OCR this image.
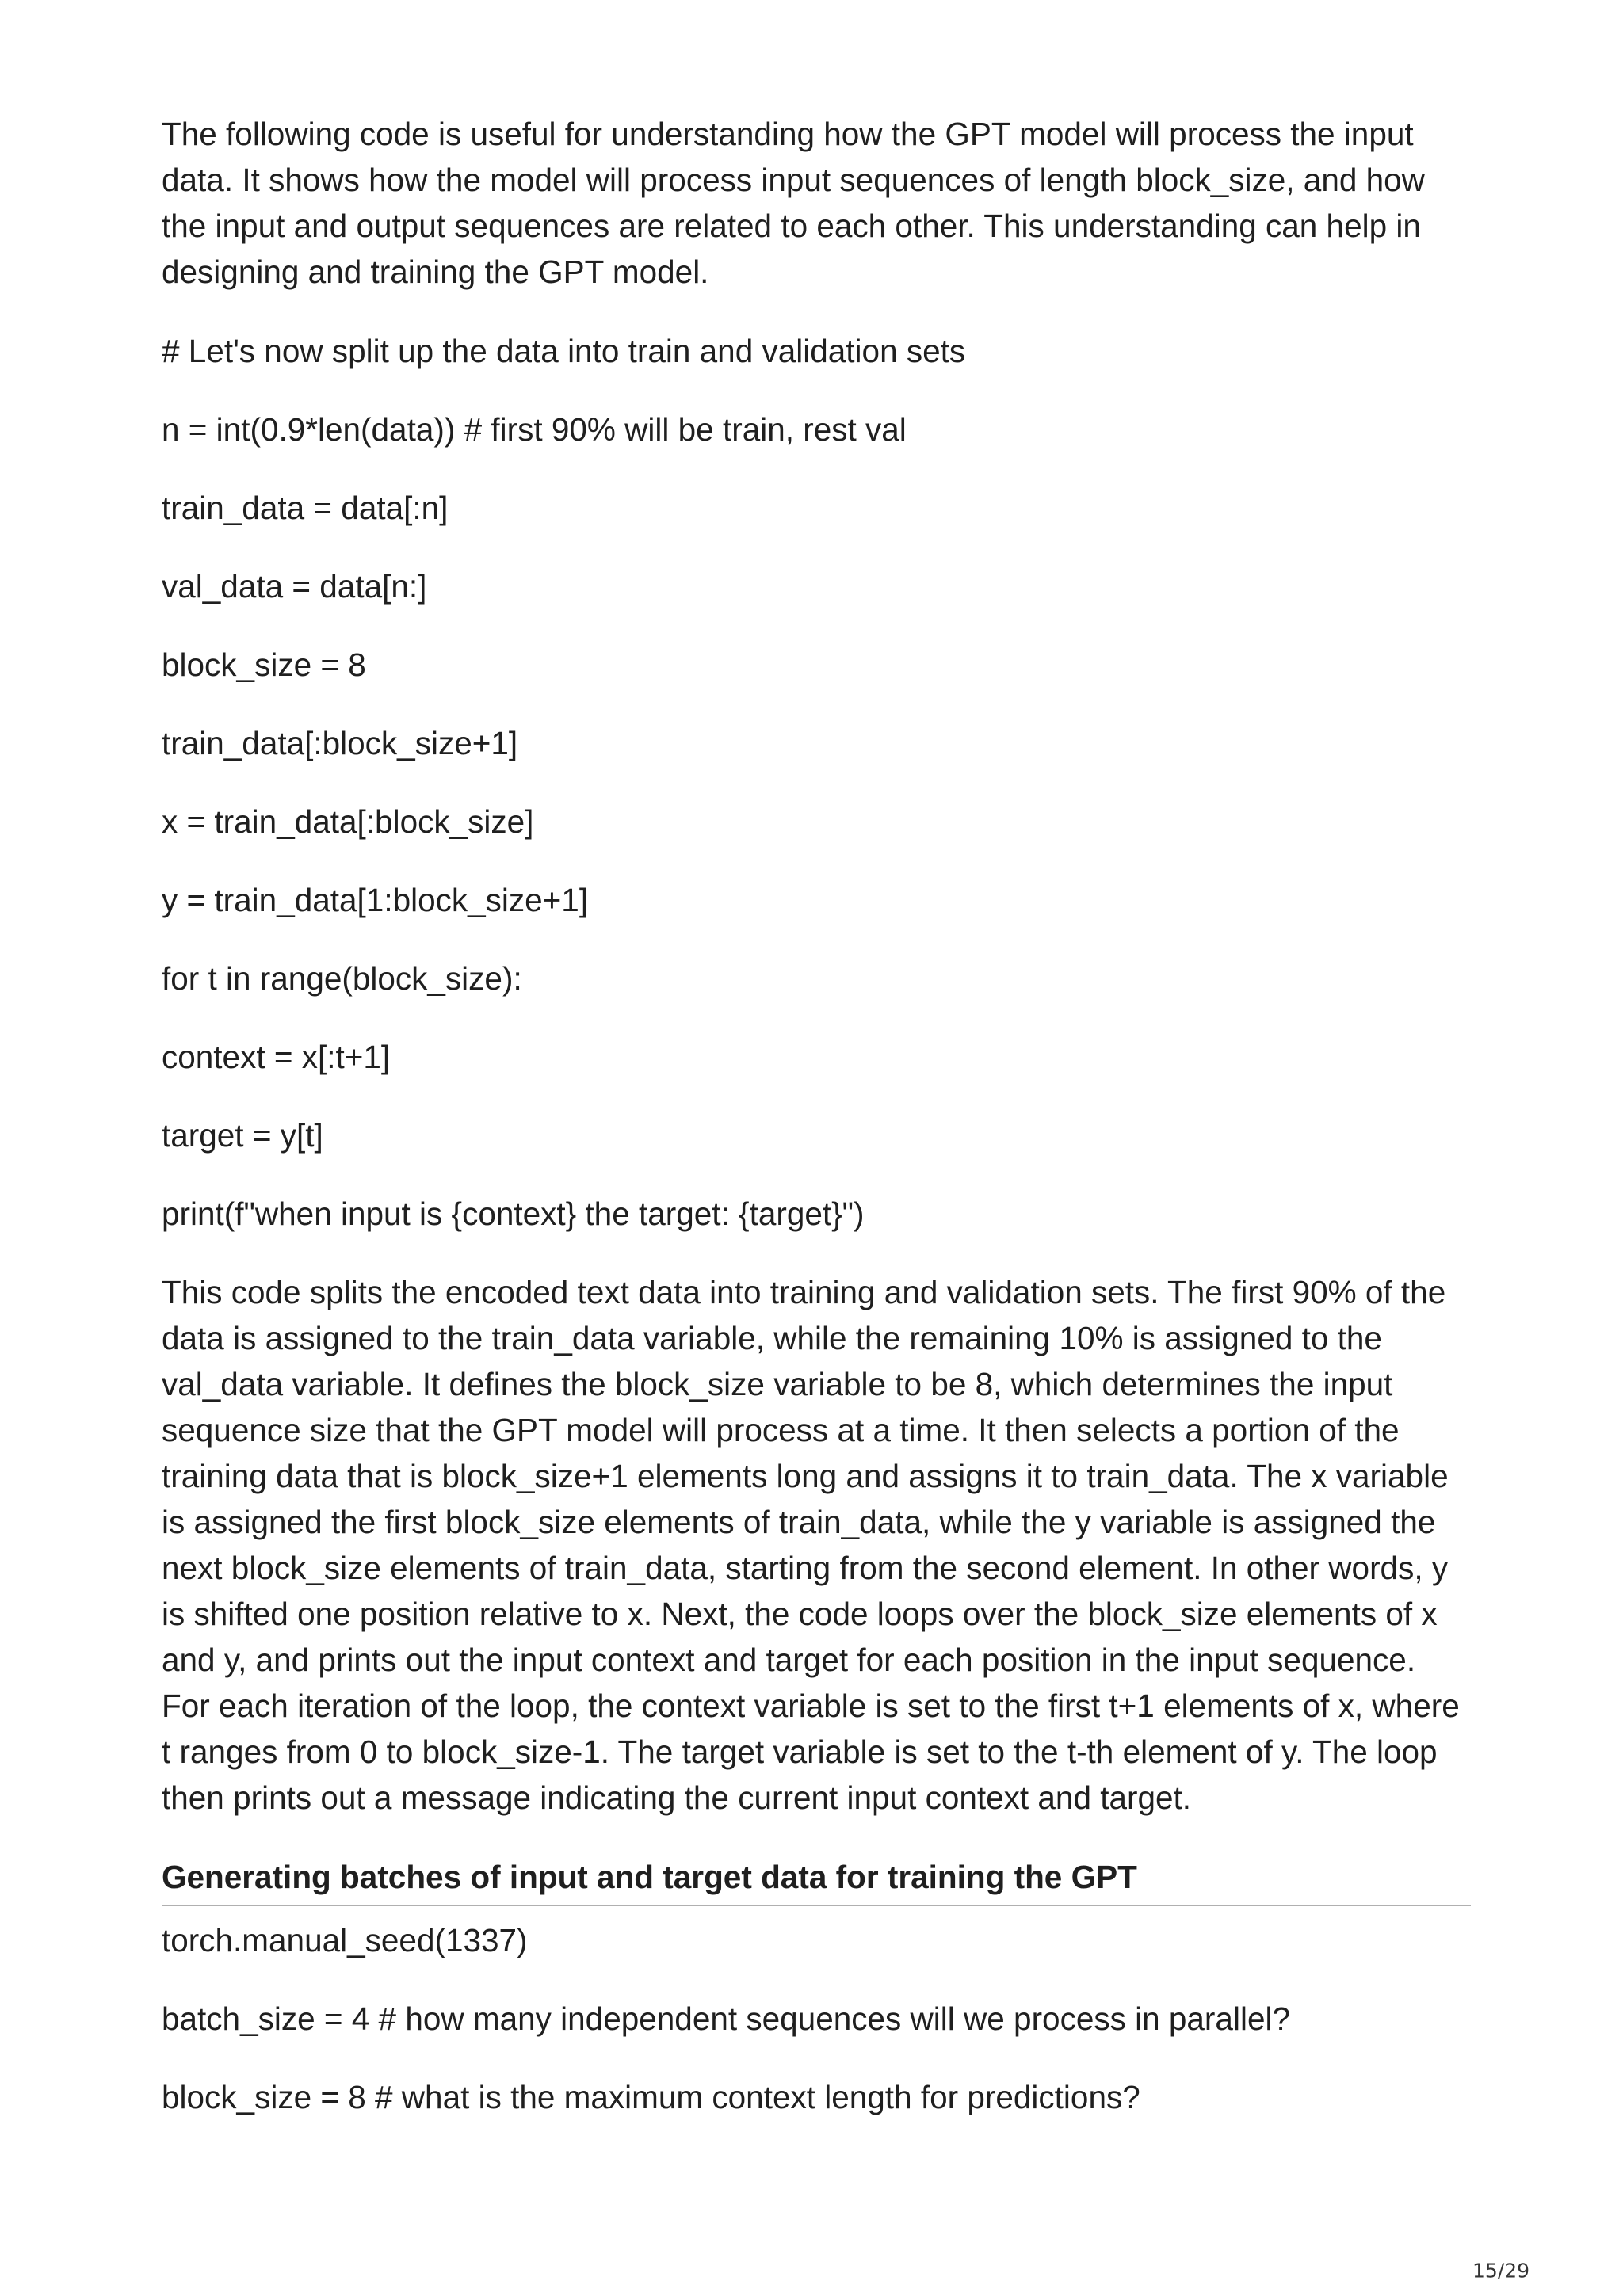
The following code is useful for understanding how the GPT model will process the input data. It shows how the model will process input sequences of length block_size, and how the input and output sequences are related to each other. This understanding can help in designing and training the GPT model.

# Let's now split up the data into train and validation sets
n = int(0.9*len(data)) # first 90% will be train, rest val
train_data = data[:n]
val_data = data[n:]
block_size = 8
train_data[:block_size+1]
x = train_data[:block_size]
y = train_data[1:block_size+1]
for t in range(block_size):
context = x[:t+1]
target = y[t]
print(f"when input is {context} the target: {target}")

This code splits the encoded text data into training and validation sets. The first 90% of the data is assigned to the train_data variable, while the remaining 10% is assigned to the val_data variable. It defines the block_size variable to be 8, which determines the input sequence size that the GPT model will process at a time. It then selects a portion of the training data that is block_size+1 elements long and assigns it to train_data. The x variable is assigned the first block_size elements of train_data, while the y variable is assigned the next block_size elements of train_data, starting from the second element. In other words, y is shifted one position relative to x. Next, the code loops over the block_size elements of x and y, and prints out the input context and target for each position in the input sequence. For each iteration of the loop, the context variable is set to the first t+1 elements of x, where t ranges from 0 to block_size-1. The target variable is set to the t-th element of y. The loop then prints out a message indicating the current input context and target.

Generating batches of input and target data for training the GPT
torch.manual_seed(1337)
batch_size = 4 # how many independent sequences will we process in parallel?
block_size = 8 # what is the maximum context length for predictions?
15/29
